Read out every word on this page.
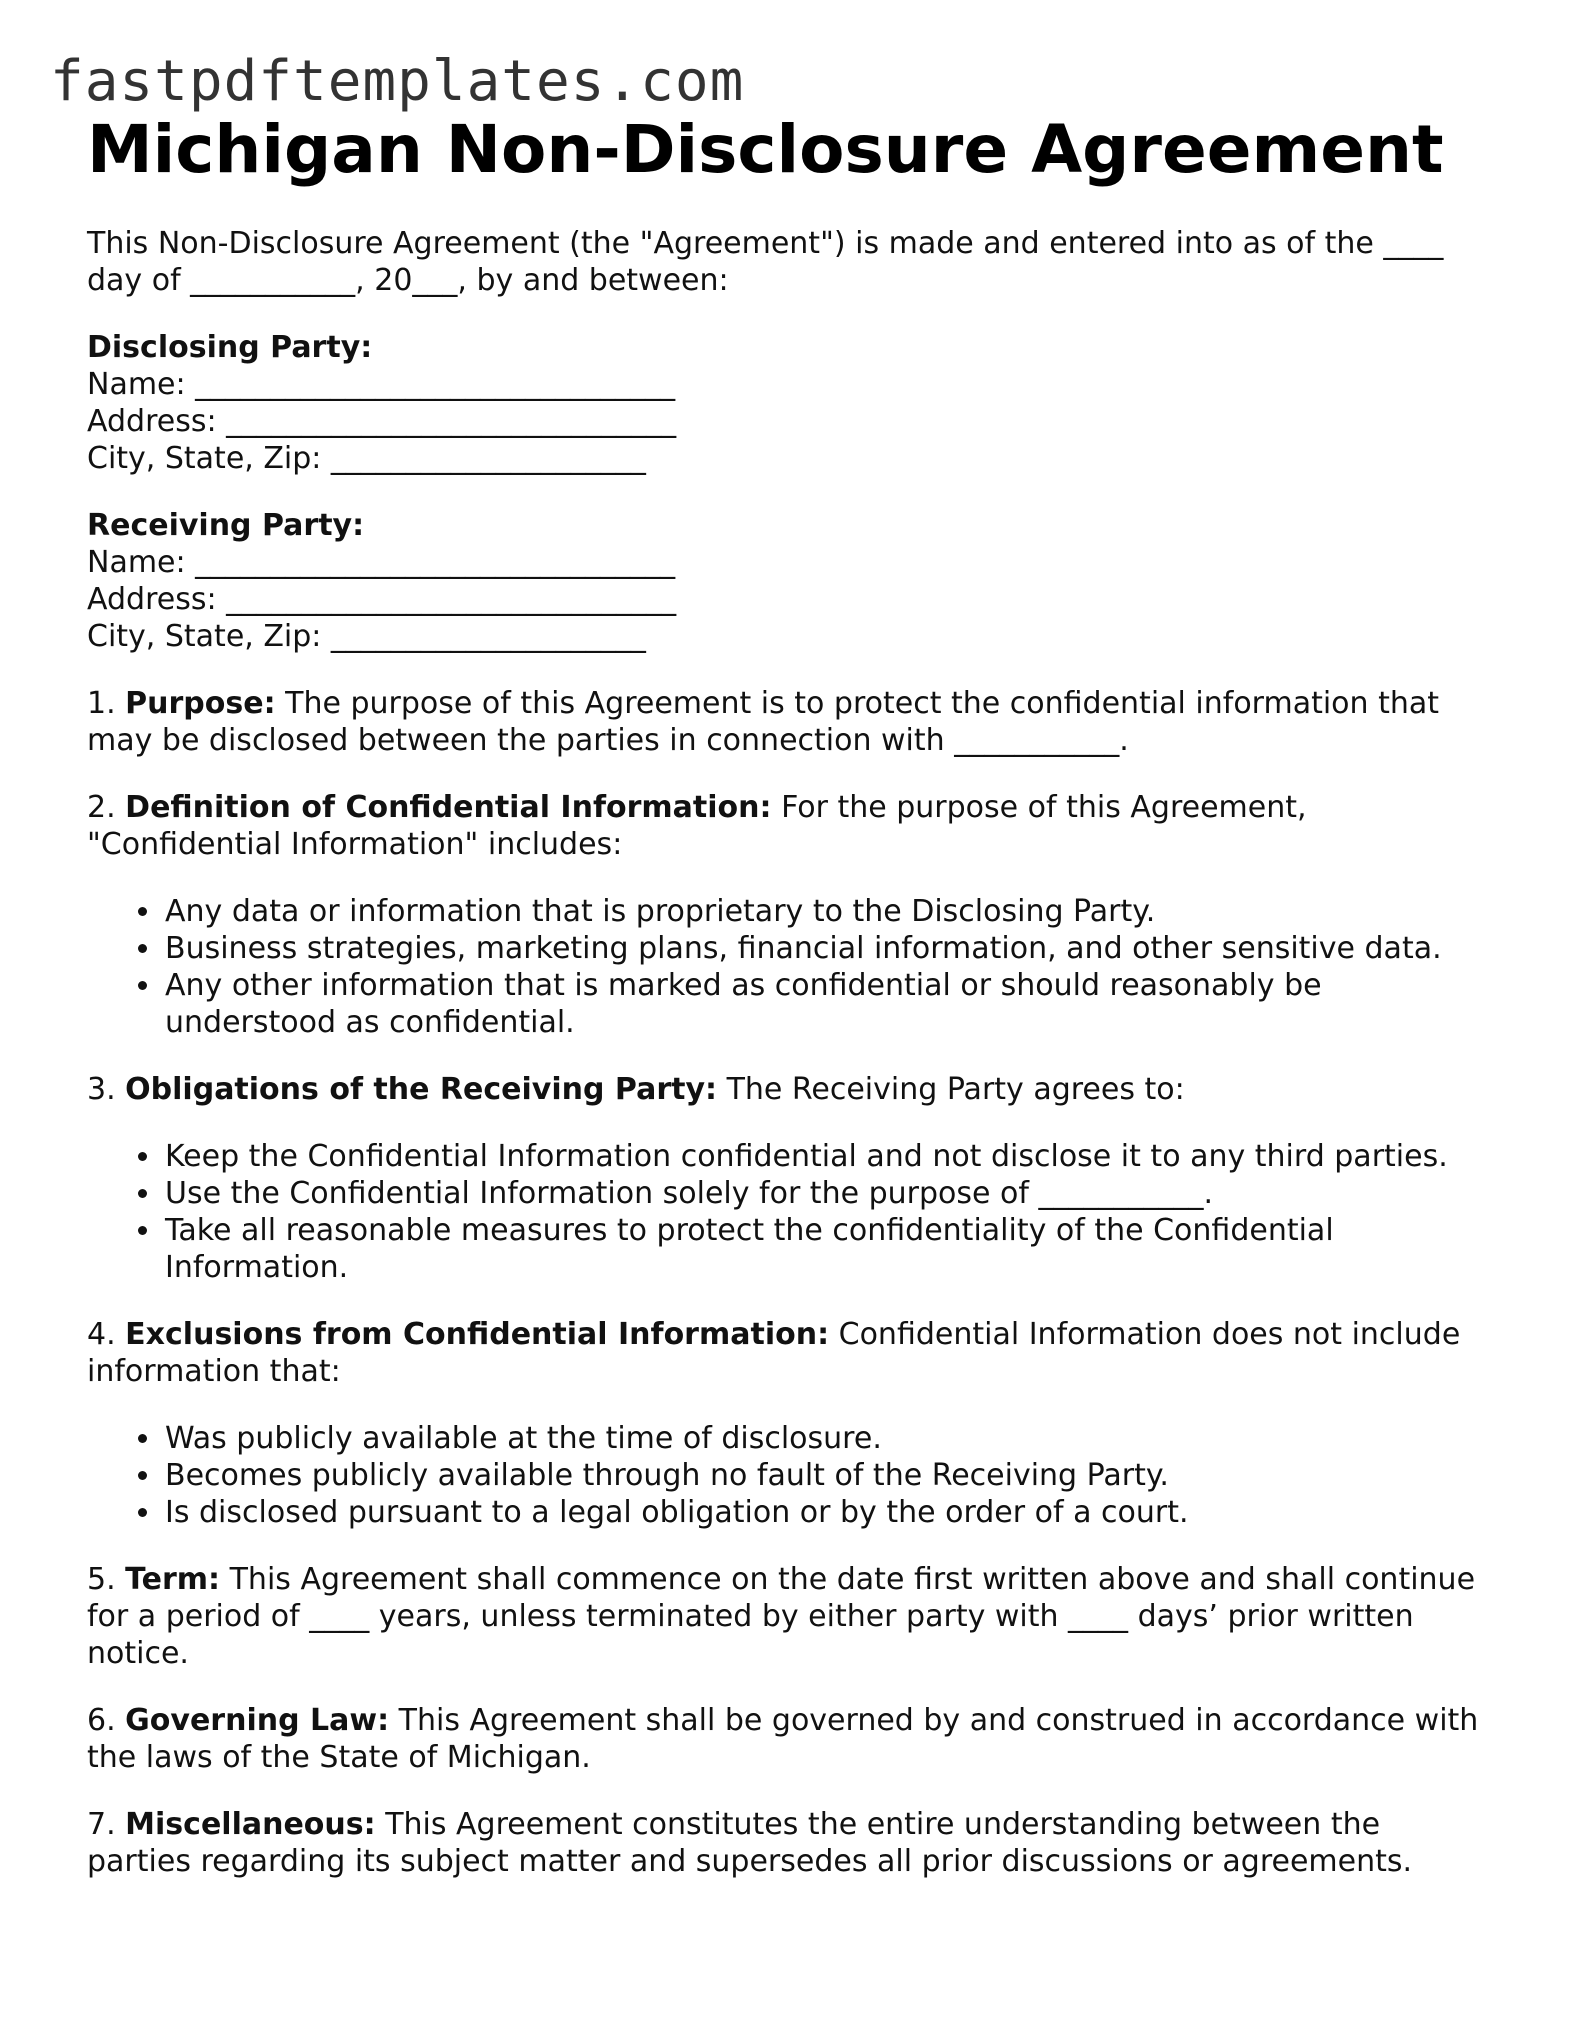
fastpdftemplates.com
Michigan Non-Disclosure Agreement

This Non-Disclosure Agreement (the "Agreement") is made and entered into as of the ____ day of ___________, 20___, by and between:

Disclosing Party:
Name: ________________________________
Address: ______________________________
City, State, Zip: _____________________
Receiving Party:
Name: ________________________________
Address: ______________________________
City, State, Zip: _____________________

1. Purpose: The purpose of this Agreement is to protect the confidential information that may be disclosed between the parties in connection with ___________.

2. Definition of Confidential Information: For the purpose of this Agreement, "Confidential Information" includes:

• Any data or information that is proprietary to the Disclosing Party.
• Business strategies, marketing plans, financial information, and other sensitive data.
• Any other information that is marked as confidential or should reasonably be understood as confidential.

3. Obligations of the Receiving Party: The Receiving Party agrees to:

• Keep the Confidential Information confidential and not disclose it to any third parties.
• Use the Confidential Information solely for the purpose of ___________.
• Take all reasonable measures to protect the confidentiality of the Confidential Information.

4. Exclusions from Confidential Information: Confidential Information does not include information that:

• Was publicly available at the time of disclosure.
• Becomes publicly available through no fault of the Receiving Party.
• Is disclosed pursuant to a legal obligation or by the order of a court.

5. Term: This Agreement shall commence on the date first written above and shall continue for a period of ____ years, unless terminated by either party with ____ days’ prior written notice.

6. Governing Law: This Agreement shall be governed by and construed in accordance with the laws of the State of Michigan.

7. Miscellaneous: This Agreement constitutes the entire understanding between the parties regarding its subject matter and supersedes all prior discussions or agreements.
